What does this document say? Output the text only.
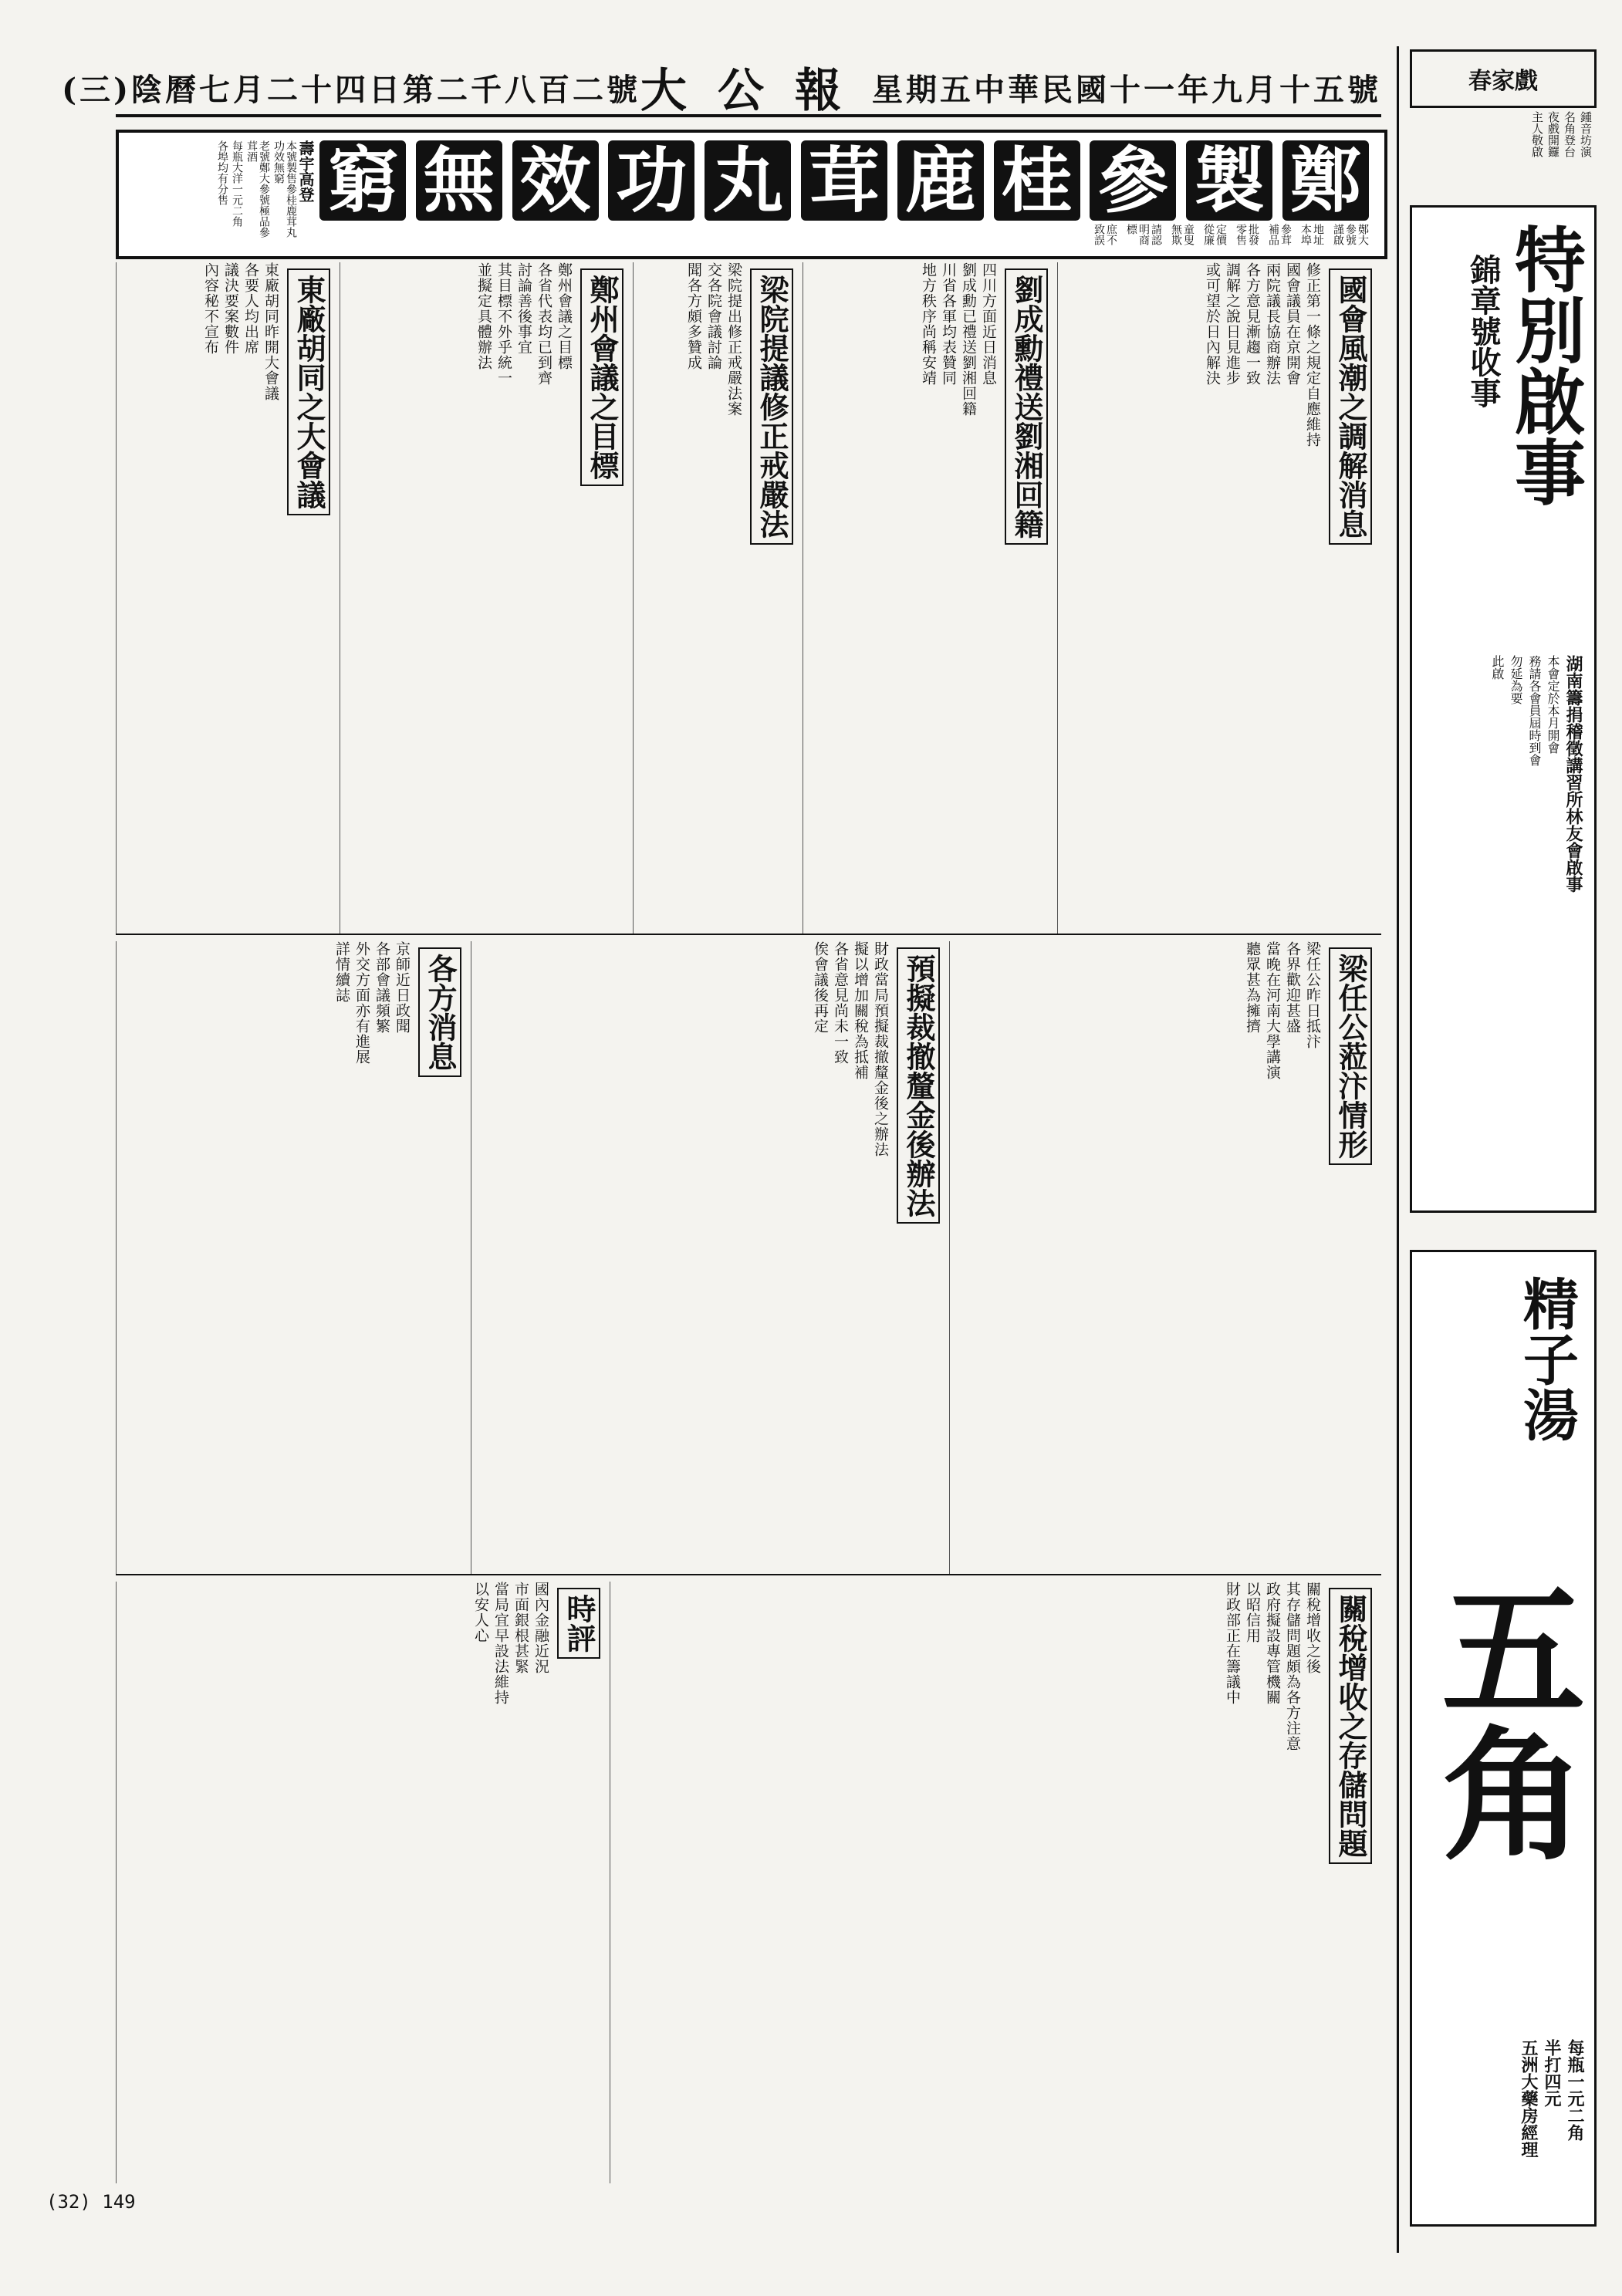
中華民國十一年九月十五號
星期五
大公報
第二千八百二號
陰曆七月二十四日
(三)
鄭
製
參
桂
鹿
茸
丸
功
效
無
窮
壽宇高登
本號製售參桂鹿茸丸功效無窮
老號鄭大參號極品參茸酒
每瓶大洋一元二角
各埠均有分售
鄭大參號謹啟
地址本埠
參茸補品
批發零售
定價從廉
童叟無欺
請認明商標
庶不致誤
春家戲
鍾音坊演
名角登台
夜戲開鑼
主人敬啟
特別啟事
錦章號收事
湖南籌捐稽徵講習所林友會啟事
本會定於本月開會
務請各會員屆時到會
勿延為要
此啟
精子湯
五角
每瓶一元二角
半打四元
五洲大藥房經理
國會風潮之調解消息
修正第一條之規定自應維持
國會議員在京開會
兩院議長協商辦法
各方意見漸趨一致
調解之說日見進步
或可望於日內解決
劉成勳禮送劉湘回籍
四川方面近日消息
劉成勳已禮送劉湘回籍
川省各軍均表贊同
地方秩序尚稱安靖
梁院提議修正戒嚴法
梁院提出修正戒嚴法案
交各院會議討論
聞各方頗多贊成
鄭州會議之目標
鄭州會議之目標
各省代表均已到齊
討論善後事宜
其目標不外乎統一
並擬定具體辦法
東廠胡同之大會議
東廠胡同昨開大會議
各要人均出席
議決要案數件
內容秘不宣布
梁任公蒞汴情形
梁任公昨日抵汴
各界歡迎甚盛
當晚在河南大學講演
聽眾甚為擁擠
預擬裁撤釐金後辦法
財政當局預擬裁撤釐金後之辦法
擬以增加關稅為抵補
各省意見尚未一致
俟會議後再定
各方消息
京師近日政聞
各部會議頻繁
外交方面亦有進展
詳情續誌
關稅增收之存儲問題
關稅增收之後
其存儲問題頗為各方注意
政府擬設專管機關
以昭信用
財政部正在籌議中
時評
國內金融近況
市面銀根甚緊
當局宜早設法維持
以安人心
(32) 149
